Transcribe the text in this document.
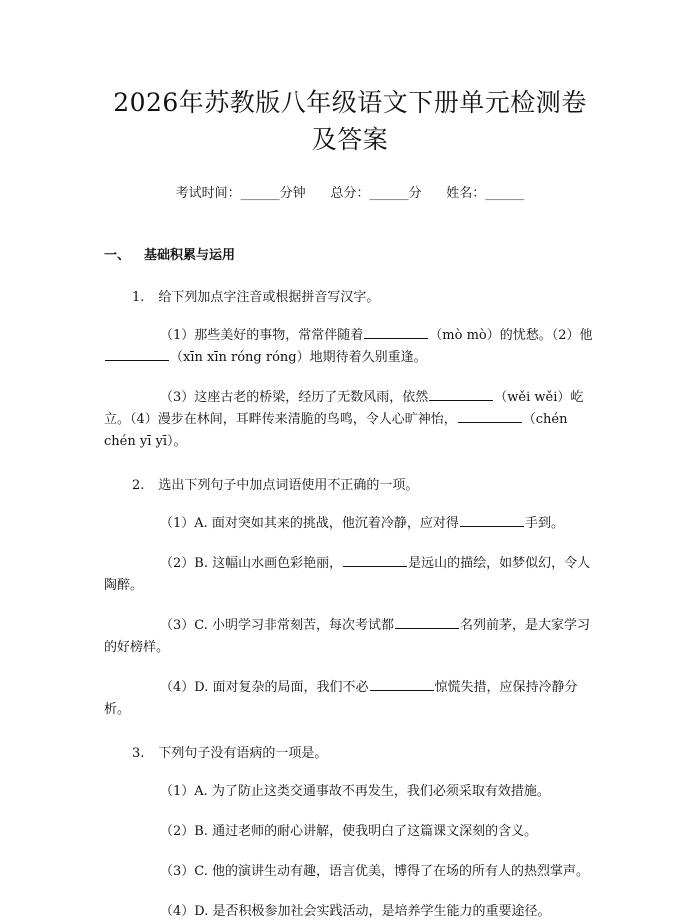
2026年苏教版八年级语文下册单元检测卷及答案
考试时间：______分钟 总分：______分 姓名：______
一、 基础积累与运用
1. 给下列加点字注音或根据拼音写汉字。
（1）那些美好的事物，常常伴随着	（mò mò）的忧愁。（2）他（xīn xīn róng róng）地期待着久别重逢。
（3）这座古老的桥梁，经历了无数风雨，依然	（wěi wěi）屹立。（4）漫步在林间，耳畔传来清脆的鸟鸣，令人心旷神怡，	（chén chén yī yī）。
2. 选出下列句子中加点词语使用不正确的一项。
（1）A. 面对突如其来的挑战，他沉着冷静，应对得	手到。
（2）B. 这幅山水画色彩艳丽，	是远山的描绘，如梦似幻，令人陶醉。
（3）C. 小明学习非常刻苦，每次考试都	名列前茅，是大家学习的好榜样。
（4）D. 面对复杂的局面，我们不必	惊慌失措，应保持冷静分析。
3. 下列句子没有语病的一项是。
（1）A. 为了防止这类交通事故不再发生，我们必须采取有效措施。
（2）B. 通过老师的耐心讲解，使我明白了这篇课文深刻的含义。
（3）C. 他的演讲生动有趣，语言优美，博得了在场的所有人的热烈掌声。
（4）D. 是否积极参加社会实践活动，是培养学生能力的重要途径。
